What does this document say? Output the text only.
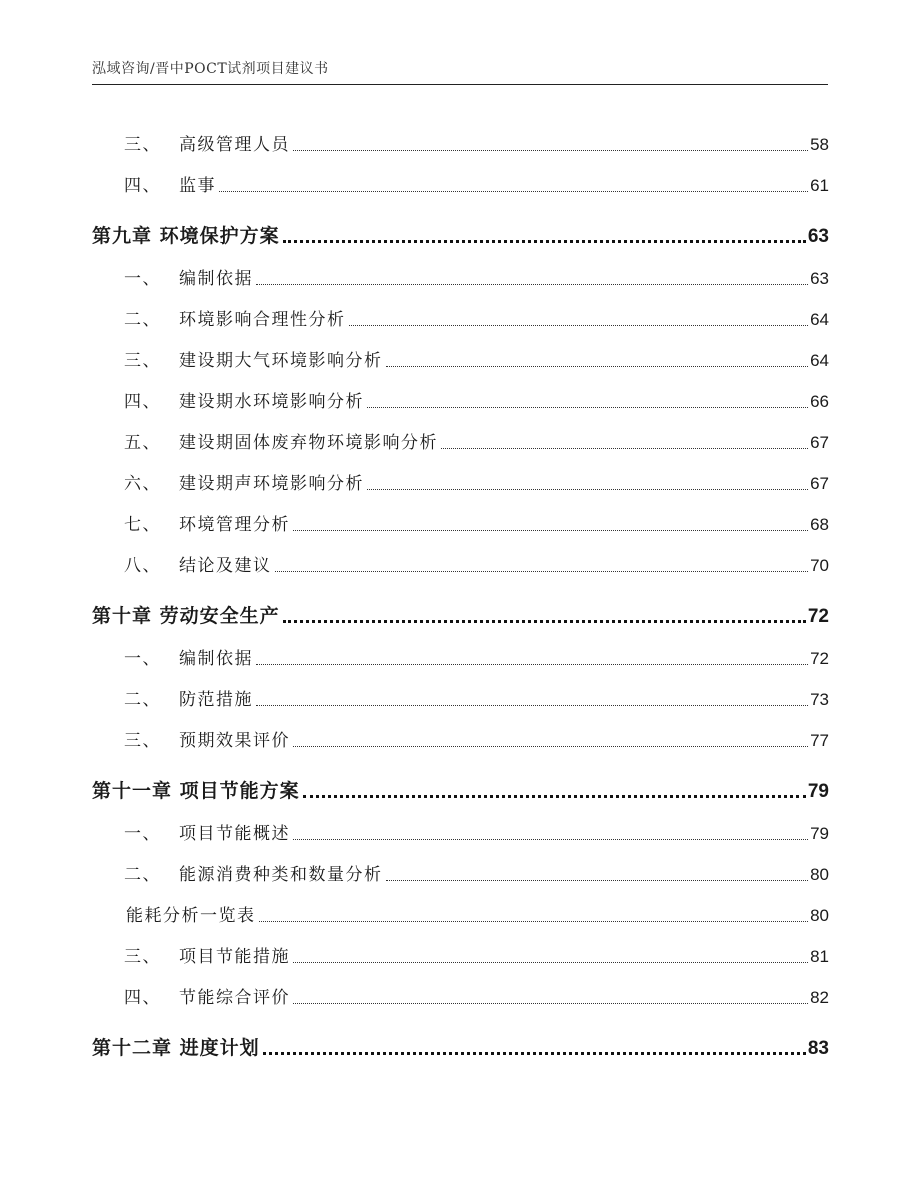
泓域咨询/晋中POCT试剂项目建议书
三、 高级管理人员	58
四、 监事	61
第九章 环境保护方案	63
一、 编制依据	63
二、 环境影响合理性分析	64
三、 建设期大气环境影响分析	64
四、 建设期水环境影响分析	66
五、 建设期固体废弃物环境影响分析	67
六、 建设期声环境影响分析	67
七、 环境管理分析	68
八、 结论及建议	70
第十章 劳动安全生产	72
一、 编制依据	72
二、 防范措施	73
三、 预期效果评价	77
第十一章 项目节能方案	79
一、 项目节能概述	79
二、 能源消费种类和数量分析	80
能耗分析一览表	80
三、 项目节能措施	81
四、 节能综合评价	82
第十二章 进度计划	83
